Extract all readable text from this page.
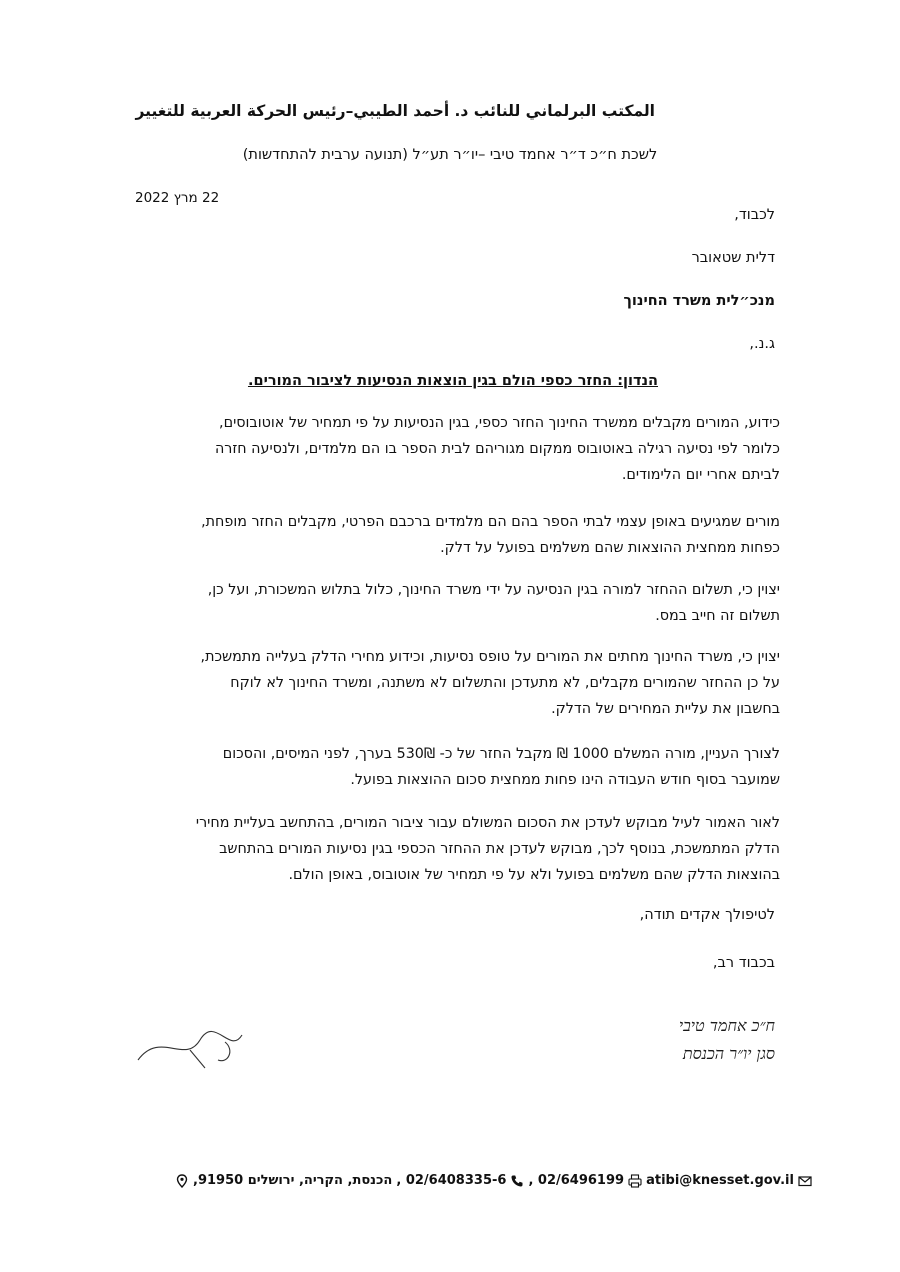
المكتب البرلماني للنائب د. أحمد الطيبي–رئيس الحركة العربية للتغيير
לשכת ח״כ ד״ר אחמד טיבי –יו״ר תע״ל (תנועה ערבית להתחדשות)
22 מרץ 2022
לכבוד,
דלית שטאובר
מנכ״לית משרד החינוך
ג.נ.,
הנדון: החזר כספי הולם בגין הוצאות הנסיעות לציבור המורים.
כידוע, המורים מקבלים ממשרד החינוך החזר כספי, בגין הנסיעות על פי תמחיר של אוטובוסים,
כלומר לפי נסיעה רגילה באוטובוס ממקום מגוריהם לבית הספר בו הם מלמדים, ולנסיעה חזרה
לביתם אחרי יום הלימודים.
מורים שמגיעים באופן עצמי לבתי הספר בהם הם מלמדים ברכבם הפרטי, מקבלים החזר מופחת,
כפחות ממחצית ההוצאות שהם משלמים בפועל על דלק.
יצוין כי, תשלום ההחזר למורה בגין הנסיעה על ידי משרד החינוך, כלול בתלוש המשכורת, ועל כן,
תשלום זה חייב במס.
יצוין כי, משרד החינוך מחתים את המורים על טופס נסיעות, וכידוע מחירי הדלק בעלייה מתמשכת,
על כן ההחזר שהמורים מקבלים, לא מתעדכן והתשלום לא משתנה, ומשרד החינוך לא לוקח
בחשבון את עליית המחירים של הדלק.
לצורך העניין, מורה המשלם 1000 ₪ מקבל החזר של כ- 530₪ בערך, לפני המיסים, והסכום
שמועבר בסוף חודש העבודה הינו פחות ממחצית סכום ההוצאות בפועל.
לאור האמור לעיל מבוקש לעדכן את הסכום המשולם עבור ציבור המורים, בהתחשב בעליית מחירי
הדלק המתמשכת, בנוסף לכך, מבוקש לעדכן את ההחזר הכספי בגין נסיעות המורים בהתחשב
בהוצאות הדלק שהם משלמים בפועל ולא על פי תמחיר של אוטובוס, באופן הולם.
לטיפולך אקדים תודה,
בכבוד רב,
ח״כ אחמד טיבי
סגן יו״ר הכנסת
הכנסת, הקריה, ירושלים 91950, 02/6408335-6 , 02/6496199 , atibi@knesset.gov.il
